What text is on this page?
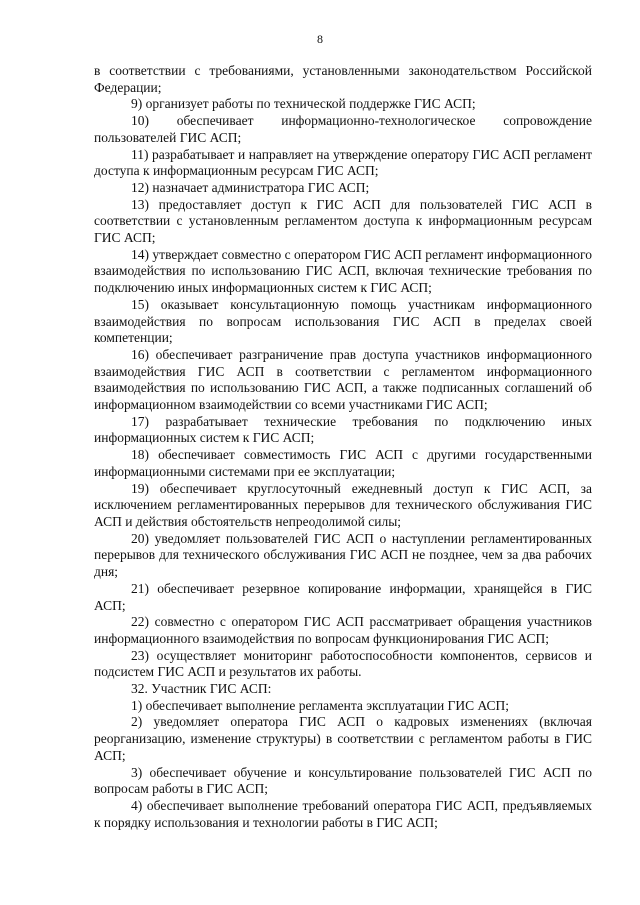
8

в соответствии с требованиями, установленными законодательством Российской Федерации;

9) организует работы по технической поддержке ГИС АСП;

10) обеспечивает информационно-технологическое сопровождение пользователей ГИС АСП;

11) разрабатывает и направляет на утверждение оператору ГИС АСП регламент доступа к информационным ресурсам ГИС АСП;

12) назначает администратора ГИС АСП;

13) предоставляет доступ к ГИС АСП для пользователей ГИС АСП в соответствии с установленным регламентом доступа к информационным ресурсам ГИС АСП;

14) утверждает совместно с оператором ГИС АСП регламент информационного взаимодействия по использованию ГИС АСП, включая технические требования по подключению иных информационных систем к ГИС АСП;

15) оказывает консультационную помощь участникам информационного взаимодействия по вопросам использования ГИС АСП в пределах своей компетенции;

16) обеспечивает разграничение прав доступа участников информационного взаимодействия ГИС АСП в соответствии с регламентом информационного взаимодействия по использованию ГИС АСП, а также подписанных соглашений об информационном взаимодействии со всеми участниками ГИС АСП;

17) разрабатывает технические требования по подключению иных информационных систем к ГИС АСП;

18) обеспечивает совместимость ГИС АСП с другими государственными информационными системами при ее эксплуатации;

19) обеспечивает круглосуточный ежедневный доступ к ГИС АСП, за исключением регламентированных перерывов для технического обслуживания ГИС АСП и действия обстоятельств непреодолимой силы;

20) уведомляет пользователей ГИС АСП о наступлении регламентированных перерывов для технического обслуживания ГИС АСП не позднее, чем за два рабочих дня;

21) обеспечивает резервное копирование информации, хранящейся в ГИС АСП;

22) совместно с оператором ГИС АСП рассматривает обращения участников информационного взаимодействия по вопросам функционирования ГИС АСП;

23) осуществляет мониторинг работоспособности компонентов, сервисов и подсистем ГИС АСП и результатов их работы.

32. Участник ГИС АСП:

1) обеспечивает выполнение регламента эксплуатации ГИС АСП;

2) уведомляет оператора ГИС АСП о кадровых изменениях (включая реорганизацию, изменение структуры) в соответствии с регламентом работы в ГИС АСП;

3) обеспечивает обучение и консультирование пользователей ГИС АСП по вопросам работы в ГИС АСП;

4) обеспечивает выполнение требований оператора ГИС АСП, предъявляемых к порядку использования и технологии работы в ГИС АСП;
